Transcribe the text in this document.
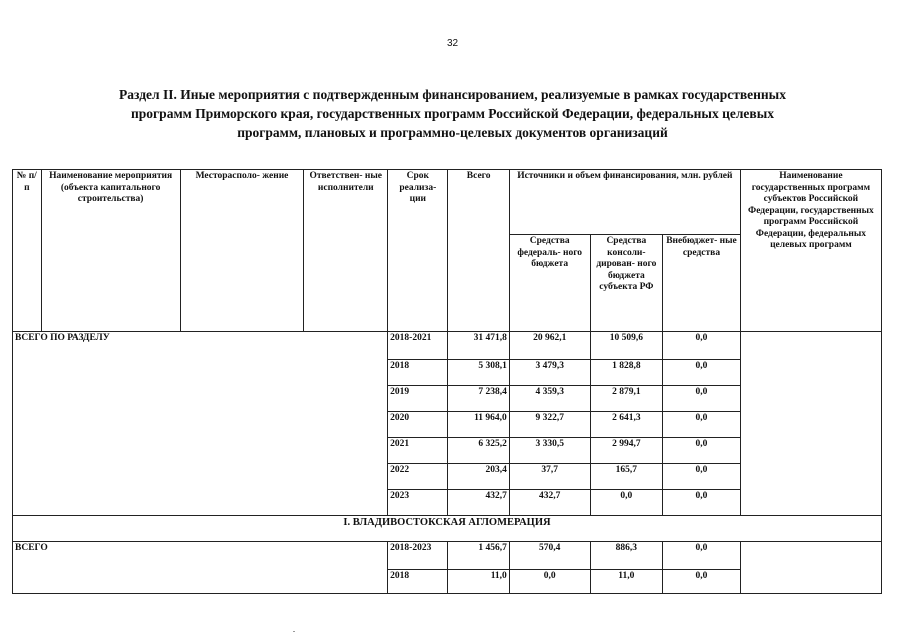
32
Раздел II. Иные мероприятия с подтвержденным финансированием, реализуемые в рамках государственных
программ Приморского края, государственных программ Российской Федерации, федеральных целевых
программ, плановых и программно-целевых документов организаций
№ п/п	Наименование мероприятия (объекта капитального строительства)	Месторасполо- жение	Ответствен- ные исполнители	Срок реализа- ции	Всего	Источники и объем финансирования, млн. рублей			Наименование государственных программ субъектов Российской Федерации, государственных программ Российской Федерации, федеральных целевых программ
						Средства федераль- ного бюджета	Средства консоли- дирован- ного бюджета субъекта РФ	Внебюджет- ные средства	
ВСЕГО ПО РАЗДЕЛУ				2018-2021	31 471,8	20 962,1	10 509,6	0,0	
				2018	5 308,1	3 479,3	1 828,8	0,0	
				2019	7 238,4	4 359,3	2 879,1	0,0	
				2020	11 964,0	9 322,7	2 641,3	0,0	
				2021	6 325,2	3 330,5	2 994,7	0,0	
				2022	203,4	37,7	165,7	0,0	
				2023	432,7	432,7	0,0	0,0	
I. ВЛАДИВОСТОКСКАЯ АГЛОМЕРАЦИЯ									
ВСЕГО				2018-2023	1 456,7	570,4	886,3	0,0	
				2018	11,0	0,0	11,0	0,0	
